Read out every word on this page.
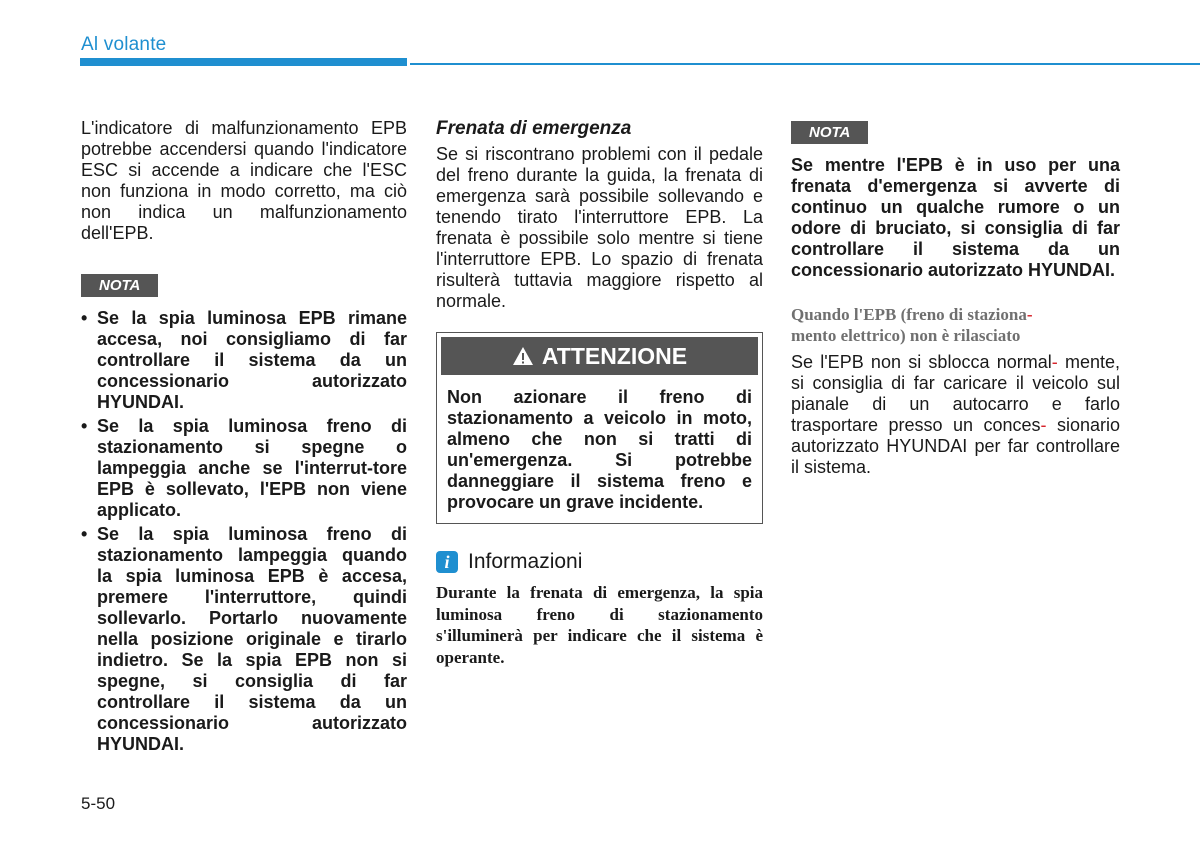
Al volante

L'indicatore di malfunzionamento EPB potrebbe accendersi quando l'indicatore ESC si accende a indicare che l'ESC non funziona in modo corretto, ma ciò non indica un malfunzionamento dell'EPB.

NOTA
• Se la spia luminosa EPB rimane accesa, noi consigliamo di far controllare il sistema da un concessionario autorizzato HYUNDAI.
• Se la spia luminosa freno di stazionamento si spegne o lampeggia anche se l'interrut-tore EPB è sollevato, l'EPB non viene applicato.
• Se la spia luminosa freno di stazionamento lampeggia quando la spia luminosa EPB è accesa, premere l'interruttore, quindi sollevarlo. Portarlo nuovamente nella posizione originale e tirarlo indietro. Se la spia EPB non si spegne, si consiglia di far controllare il sistema da un concessionario autorizzato HYUNDAI.

Frenata di emergenza

Se si riscontrano problemi con il pedale del freno durante la guida, la frenata di emergenza sarà possibile sollevando e tenendo tirato l'interruttore EPB. La frenata è possibile solo mentre si tiene l'interruttore EPB. Lo spazio di frenata risulterà tuttavia maggiore rispetto al normale.

ATTENZIONE

Non azionare il freno di stazionamento a veicolo in moto, almeno che non si tratti di un'emergenza. Si potrebbe danneggiare il sistema freno e provocare un grave incidente.

i Informazioni

Durante la frenata di emergenza, la spia luminosa freno di stazionamento s'illuminerà per indicare che il sistema è operante.

NOTA

Se mentre l'EPB è in uso per una frenata d'emergenza si avverte di continuo un qualche rumore o un odore di bruciato, si consiglia di far controllare il sistema da un concessionario autorizzato HYUNDAI.

Quando l'EPB (freno di staziona-

mento elettrico) non è rilasciato

Se l'EPB non si sblocca normal- mente, si consiglia di far caricare il veicolo sul pianale di un autocarro e farlo trasportare presso un conces- sionario autorizzato HYUNDAI per far controllare il sistema.

5-50
